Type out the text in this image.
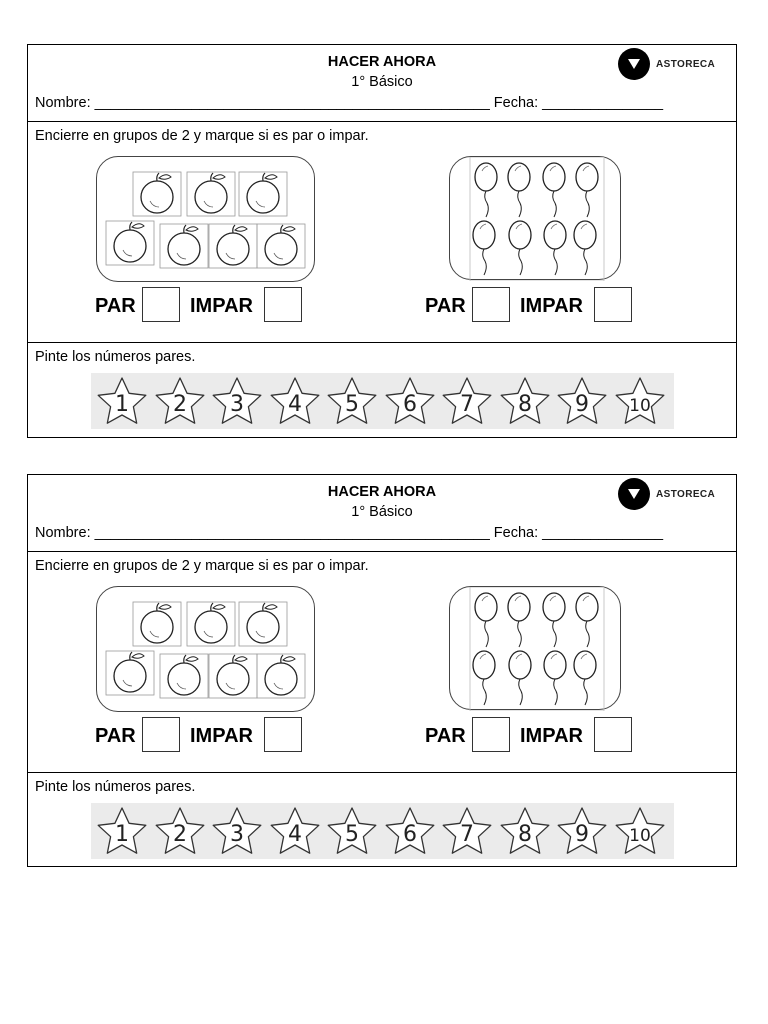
HACER AHORA
1° Básico
Nombre: _________________________________________________ Fecha: _______________
ASTORECA
Encierre en grupos de 2 y marque si es par o impar.
PAR	IMPAR	PAR	IMPAR
Pinte los números pares.
1 2 3 4 5 6 7 8 9 10
HACER AHORA
1° Básico
Nombre: _________________________________________________ Fecha: _______________
ASTORECA
Encierre en grupos de 2 y marque si es par o impar.
PAR	IMPAR	PAR	IMPAR
Pinte los números pares.
1 2 3 4 5 6 7 8 9 10
